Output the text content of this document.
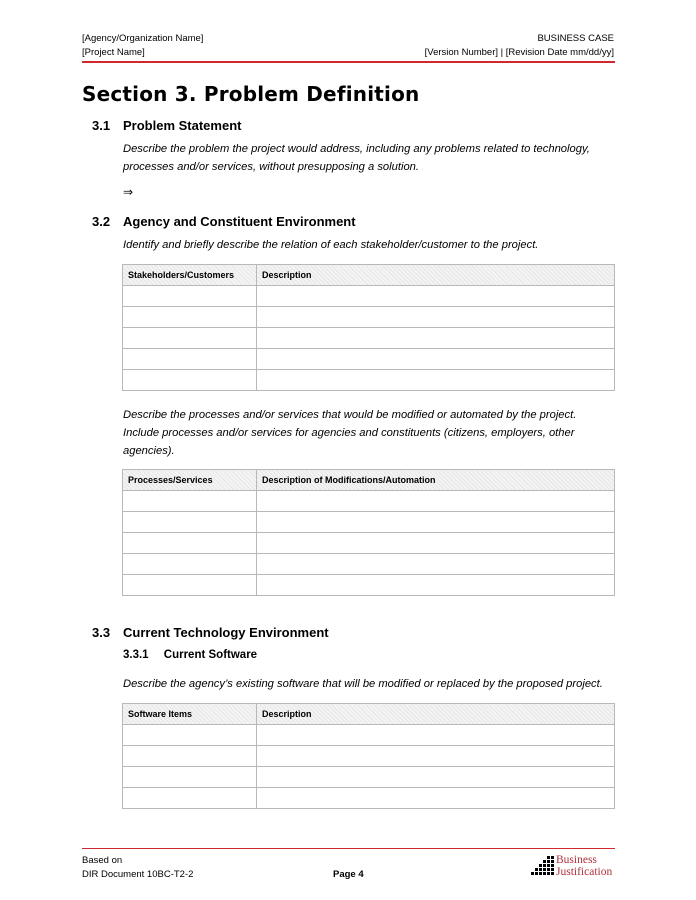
[Agency/Organization Name]	BUSINESS CASE
[Project Name]	[Version Number] | [Revision Date mm/dd/yy]
Section 3. Problem Definition
3.1 Problem Statement
Describe the problem the project would address, including any problems related to technology, processes and/or services, without presupposing a solution.
⇒
3.2 Agency and Constituent Environment
Identify and briefly describe the relation of each stakeholder/customer to the project.
Stakeholders/Customers	Description

Describe the processes and/or services that would be modified or automated by the project. Include processes and/or services for agencies and constituents (citizens, employers, other agencies).
Processes/Services	Description of Modifications/Automation

3.3 Current Technology Environment
3.3.1 Current Software
Describe the agency’s existing software that will be modified or replaced by the proposed project.
Software Items	Description

Based on
DIR Document 10BC-T2-2	Page 4
Business
Justification
